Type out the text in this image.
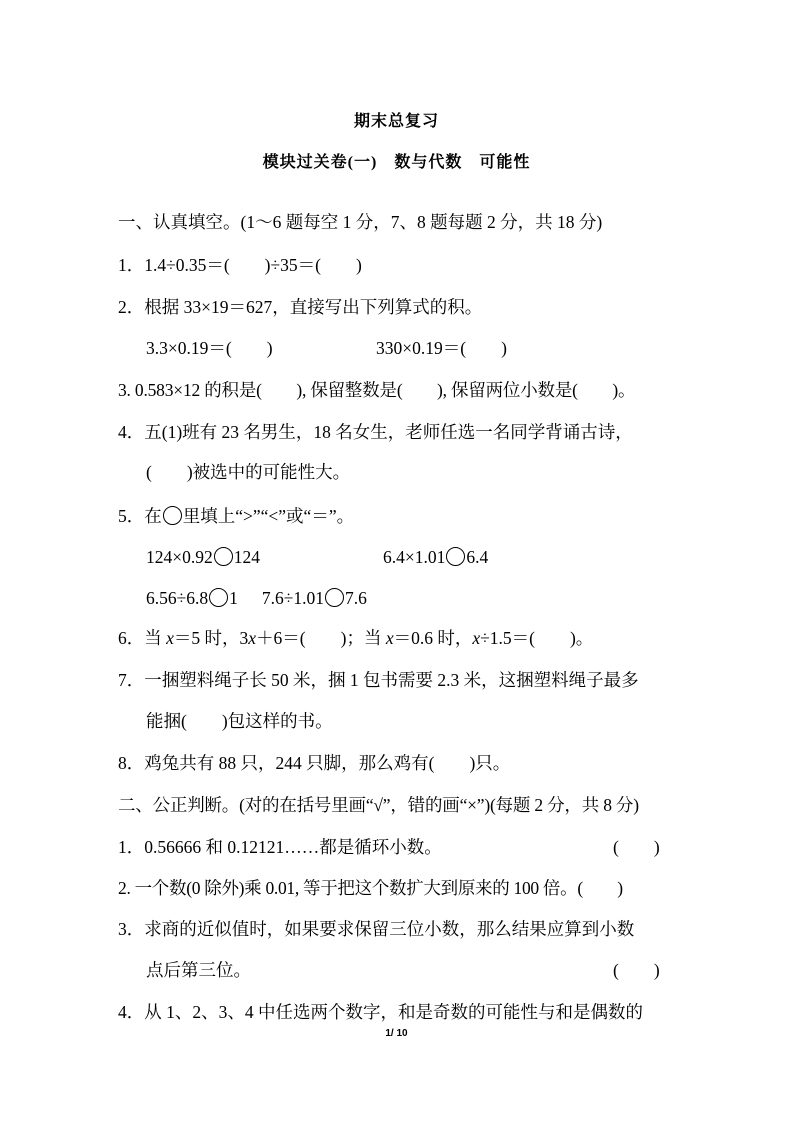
期末总复习
模块过关卷(一)　数与代数　可能性
一、认真填空。(1～6 题每空 1 分，7、8 题每题 2 分，共 18 分)
1．1.4÷0.35＝(　　)÷35＝(　　)
2．根据 33×19＝627，直接写出下列算式的积。
3.3×0.19＝(　　)	330×0.19＝(　　)
3. 0.583×12 的积是(　　), 保留整数是(　　), 保留两位小数是(　　)。
4．五(1)班有 23 名男生，18 名女生，老师任选一名同学背诵古诗，
(　　)被选中的可能性大。
5．在 里填上“>”“<”或“＝”。
124×0.92 124	6.4×1.01 6.4
6.56÷6.8 1 7.6÷1.01 7.6
6．当 x＝5 时，3x＋6＝(　　)；当 x＝0.6 时，x÷1.5＝(　　)。
7．一捆塑料绳子长 50 米，捆 1 包书需要 2.3 米，这捆塑料绳子最多
能捆(　　)包这样的书。
8．鸡兔共有 88 只，244 只脚，那么鸡有(　　)只。
二、公正判断。(对的在括号里画“√”，错的画“×”)(每题 2 分，共 8 分)
1．0.56666 和 0.12121……都是循环小数。	(　　)
2. 一个数(0 除外)乘 0.01, 等于把这个数扩大到原来的 100 倍。(　　)
3．求商的近似值时，如果要求保留三位小数，那么结果应算到小数
点后第三位。	(　　)
4．从 1、2、3、4 中任选两个数字，和是奇数的可能性与和是偶数的
1/ 10
